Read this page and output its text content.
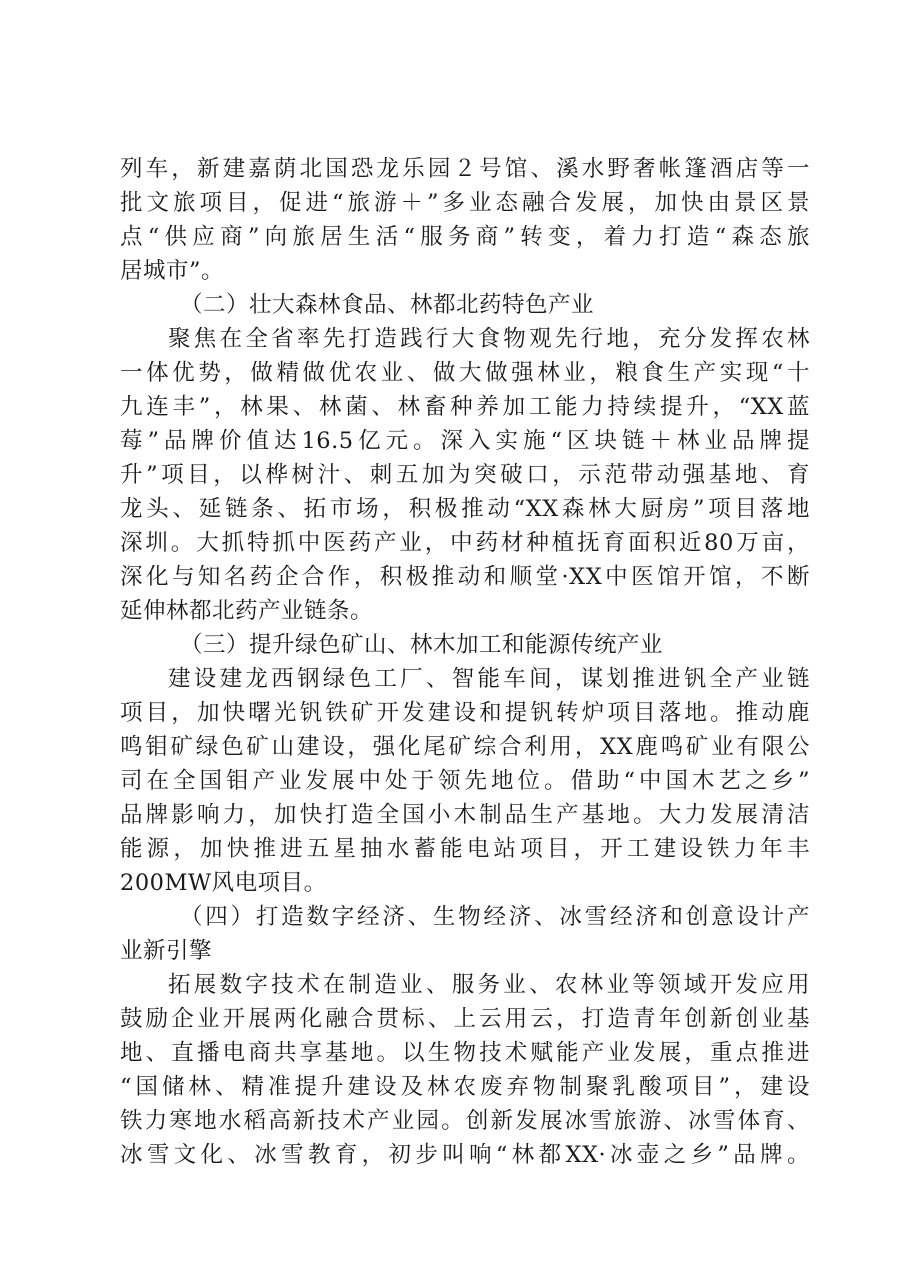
列车，新建嘉荫北国恐龙乐园２号馆、溪水野奢帐篷酒店等一
批文旅项目，促进“旅游＋”多业态融合发展，加快由景区景
点“供应商”向旅居生活“服务商”转变，着力打造“森态旅
居城市”。
（二）壮大森林食品、林都北药特色产业
聚焦在全省率先打造践行大食物观先行地，充分发挥农林
一体优势，做精做优农业、做大做强林业，粮食生产实现“十
九连丰”，林果、林菌、林畜种养加工能力持续提升，“XX蓝
莓”品牌价值达16.5亿元。深入实施“区块链＋林业品牌提
升”项目，以桦树汁、刺五加为突破口，示范带动强基地、育
龙头、延链条、拓市场，积极推动“XX森林大厨房”项目落地
深圳。大抓特抓中医药产业，中药材种植抚育面积近80万亩，
深化与知名药企合作，积极推动和顺堂·XX中医馆开馆，不断
延伸林都北药产业链条。
（三）提升绿色矿山、林木加工和能源传统产业
建设建龙西钢绿色工厂、智能车间，谋划推进钒全产业链
项目，加快曙光钒铁矿开发建设和提钒转炉项目落地。推动鹿
鸣钼矿绿色矿山建设，强化尾矿综合利用，XX鹿鸣矿业有限公
司在全国钼产业发展中处于领先地位。借助“中国木艺之乡”
品牌影响力，加快打造全国小木制品生产基地。大力发展清洁
能源，加快推进五星抽水蓄能电站项目，开工建设铁力年丰
200MW风电项目。
（四）打造数字经济、生物经济、冰雪经济和创意设计产
业新引擎
拓展数字技术在制造业、服务业、农林业等领域开发应用
鼓励企业开展两化融合贯标、上云用云，打造青年创新创业基
地、直播电商共享基地。以生物技术赋能产业发展，重点推进
“国储林、精准提升建设及林农废弃物制聚乳酸项目”，建设
铁力寒地水稻高新技术产业园。创新发展冰雪旅游、冰雪体育、
冰雪文化、冰雪教育，初步叫响“林都XX·冰壶之乡”品牌。
